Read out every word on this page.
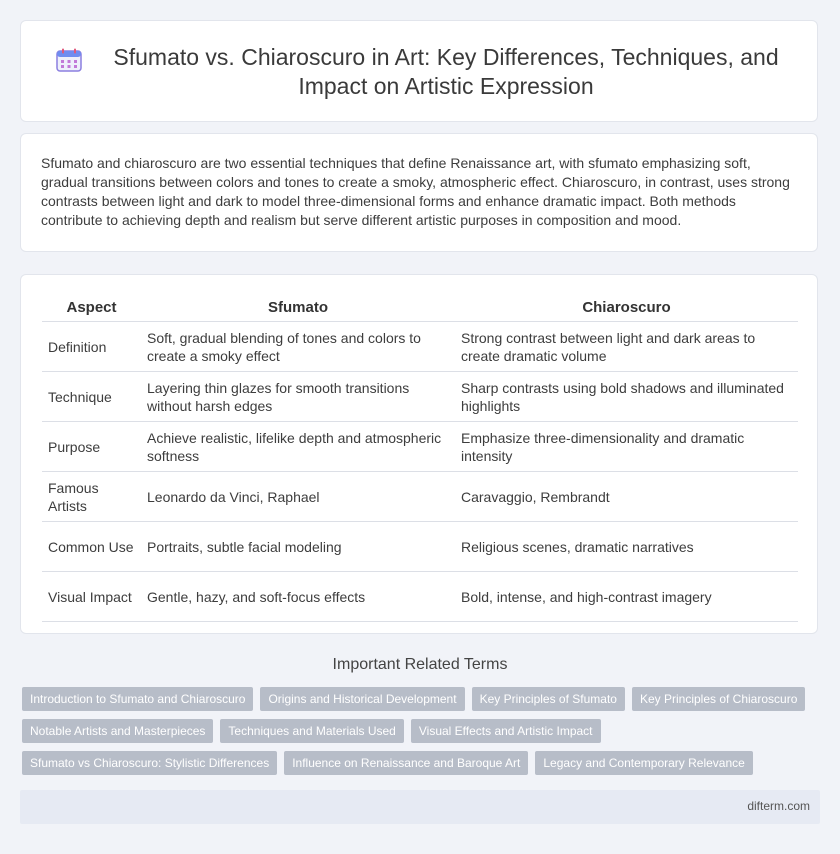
Sfumato vs. Chiaroscuro in Art: Key Differences, Techniques, and Impact on Artistic Expression

Sfumato and chiaroscuro are two essential techniques that define Renaissance art, with sfumato emphasizing soft, gradual transitions between colors and tones to create a smoky, atmospheric effect. Chiaroscuro, in contrast, uses strong contrasts between light and dark to model three-dimensional forms and enhance dramatic impact. Both methods contribute to achieving depth and realism but serve different artistic purposes in composition and mood.

Aspect	Sfumato	Chiaroscuro
Definition	Soft, gradual blending of tones and colors to create a smoky effect	Strong contrast between light and dark areas to create dramatic volume
Technique	Layering thin glazes for smooth transitions without harsh edges	Sharp contrasts using bold shadows and illuminated highlights
Purpose	Achieve realistic, lifelike depth and atmospheric softness	Emphasize three-dimensionality and dramatic intensity
Famous Artists	Leonardo da Vinci, Raphael	Caravaggio, Rembrandt
Common Use	Portraits, subtle facial modeling	Religious scenes, dramatic narratives
Visual Impact	Gentle, hazy, and soft-focus effects	Bold, intense, and high-contrast imagery
Important Related Terms
Introduction to Sfumato and Chiaroscuro	Origins and Historical Development	Key Principles of Sfumato	Key Principles of Chiaroscuro
Notable Artists and Masterpieces	Techniques and Materials Used	Visual Effects and Artistic Impact
Sfumato vs Chiaroscuro: Stylistic Differences	Influence on Renaissance and Baroque Art	Legacy and Contemporary Relevance
difterm.com
